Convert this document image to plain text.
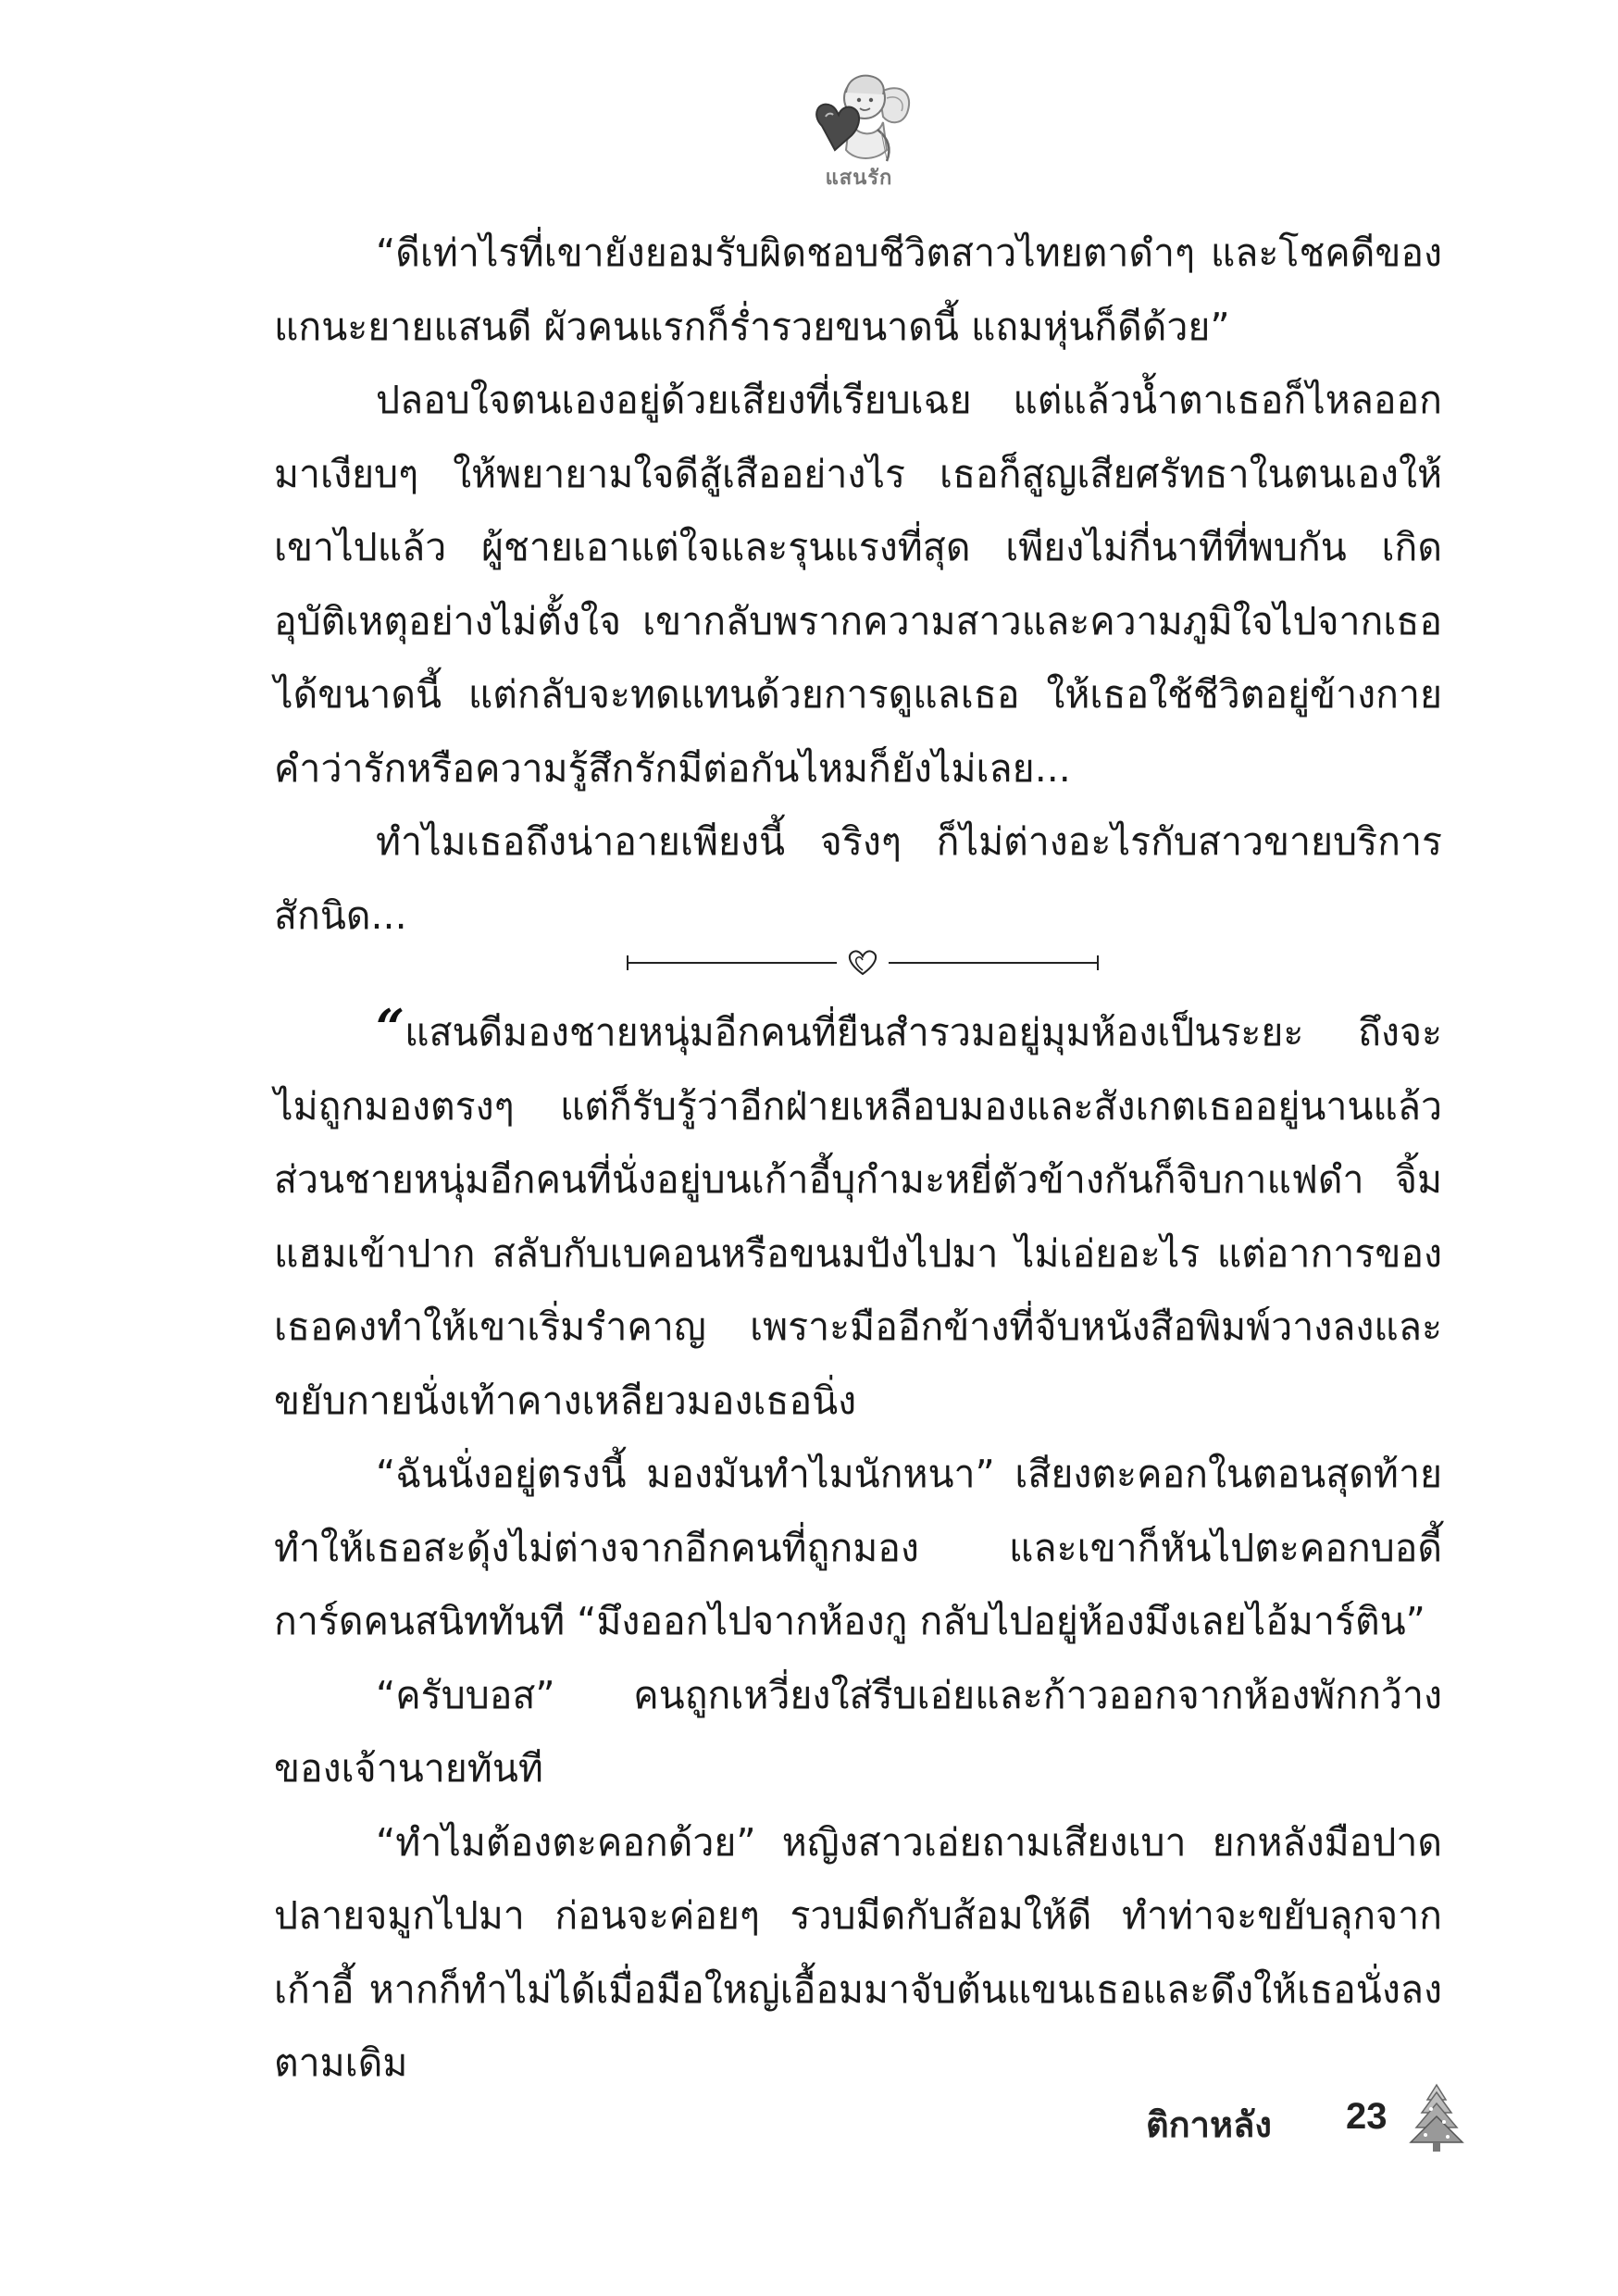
แสนรัก

“ดีเท่าไรที่เขายังยอมรับผิดชอบชีวิตสาวไทยตาดำๆ และโชคดีของแกนะยายแสนดี ผัวคนแรกก็ร่ำรวยขนาดนี้ แถมหุ่นก็ดีด้วย”

ปลอบใจตนเองอยู่ด้วยเสียงที่เรียบเฉย แต่แล้วน้ำตาเธอก็ไหลออกมาเงียบๆ ให้พยายามใจดีสู้เสืออย่างไร เธอก็สูญเสียศรัทธาในตนเองให้เขาไปแล้ว ผู้ชายเอาแต่ใจและรุนแรงที่สุด เพียงไม่กี่นาทีที่พบกัน เกิดอุบัติเหตุอย่างไม่ตั้งใจ เขากลับพรากความสาวและความภูมิใจไปจากเธอได้ขนาดนี้ แต่กลับจะทดแทนด้วยการดูแลเธอ ให้เธอใช้ชีวิตอยู่ข้างกายคำว่ารักหรือความรู้สึกรักมีต่อกันไหมก็ยังไม่เลย...

ทำไมเธอถึงน่าอายเพียงนี้ จริงๆ ก็ไม่ต่างอะไรกับสาวขายบริการสักนิด...

“แสนดีมองชายหนุ่มอีกคนที่ยืนสำรวมอยู่มุมห้องเป็นระยะ ถึงจะไม่ถูกมองตรงๆ แต่ก็รับรู้ว่าอีกฝ่ายเหลือบมองและสังเกตเธออยู่นานแล้ว ส่วนชายหนุ่มอีกคนที่นั่งอยู่บนเก้าอี้บุกำมะหยี่ตัวข้างกันก็จิบกาแฟดำ จิ้มแฮมเข้าปาก สลับกับเบคอนหรือขนมปังไปมา ไม่เอ่ยอะไร แต่อาการของเธอคงทำให้เขาเริ่มรำคาญ เพราะมืออีกข้างที่จับหนังสือพิมพ์วางลงและขยับกายนั่งเท้าคางเหลียวมองเธอนิ่ง

“ฉันนั่งอยู่ตรงนี้ มองมันทำไมนักหนา” เสียงตะคอกในตอนสุดท้ายทำให้เธอสะดุ้งไม่ต่างจากอีกคนที่ถูกมอง และเขาก็หันไปตะคอกบอดี้การ์ดคนสนิททันที “มึงออกไปจากห้องกู กลับไปอยู่ห้องมึงเลยไอ้มาร์ติน”

“ครับบอส” คนถูกเหวี่ยงใส่รีบเอ่ยและก้าวออกจากห้องพักกว้างของเจ้านายทันที

“ทำไมต้องตะคอกด้วย” หญิงสาวเอ่ยถามเสียงเบา ยกหลังมือปาดปลายจมูกไปมา ก่อนจะค่อยๆ รวบมีดกับส้อมให้ดี ทำท่าจะขยับลุกจากเก้าอี้ หากก็ทำไม่ได้เมื่อมือใหญ่เอื้อมมาจับต้นแขนเธอและดึงให้เธอนั่งลงตามเดิม

ติกาหลัง 23
